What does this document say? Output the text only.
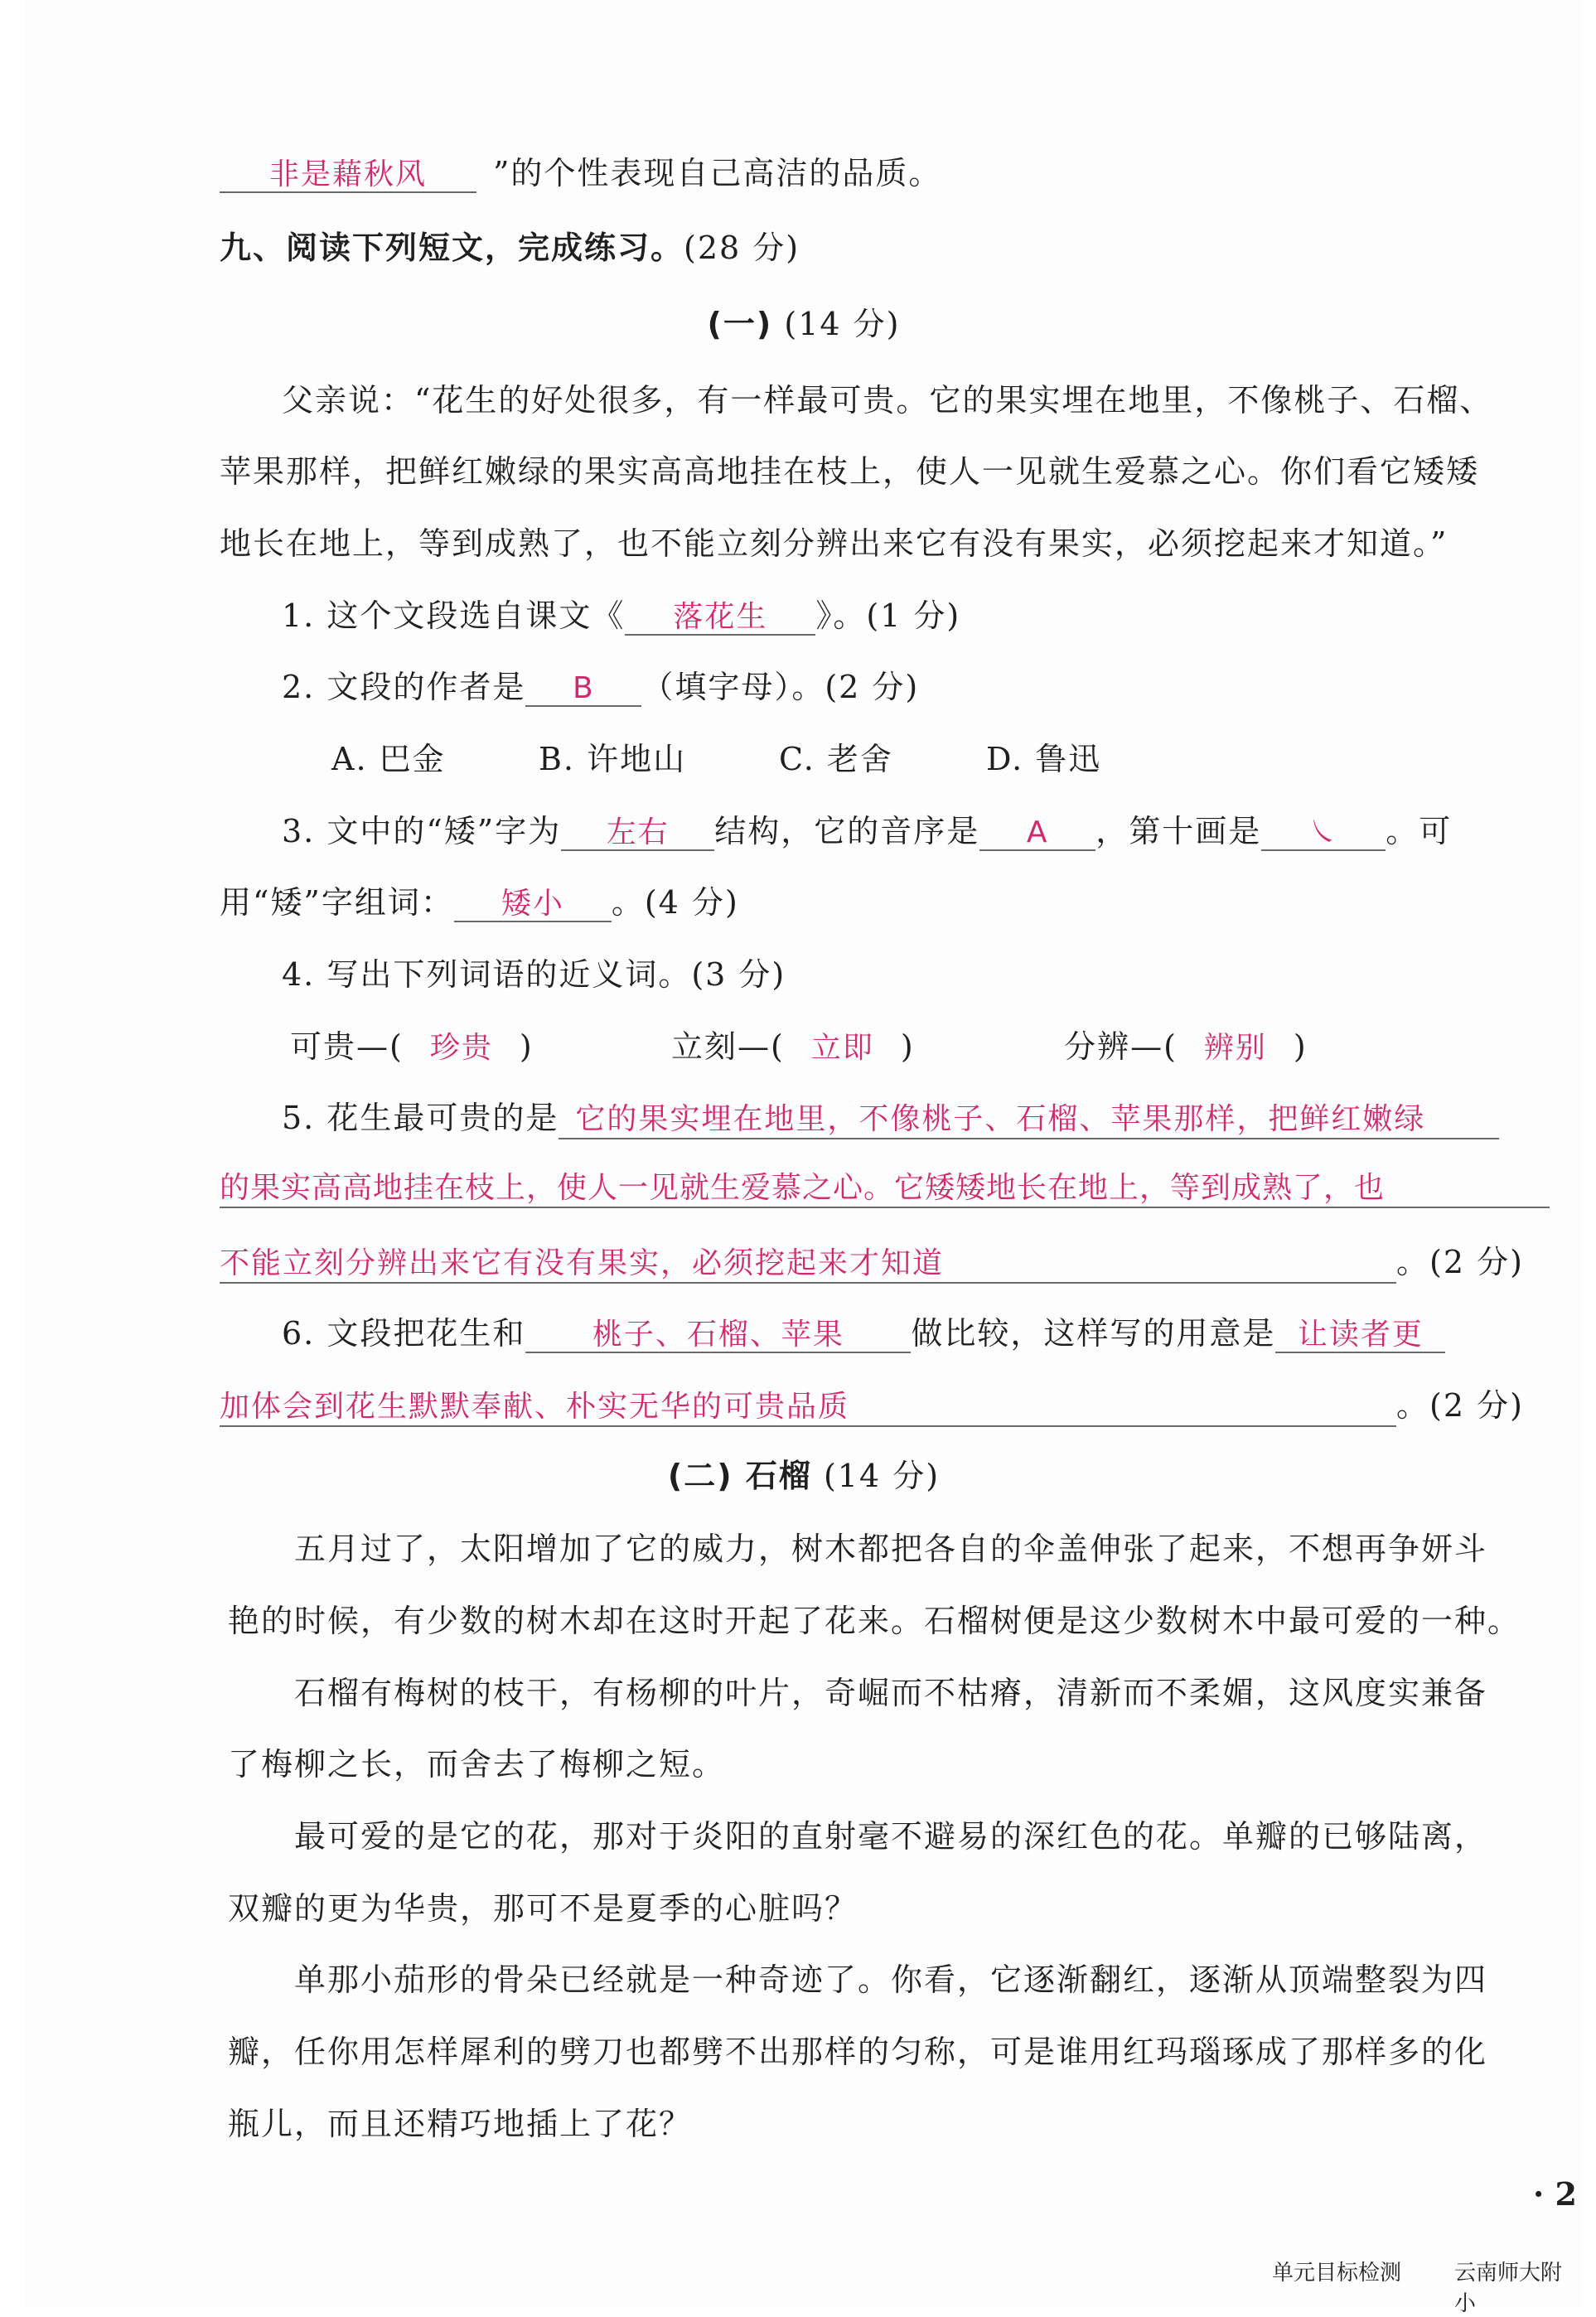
非是藉秋风 ”的个性表现自己高洁的品质。
九、阅读下列短文，完成练习。(28 分)
(一) (14 分)
父亲说：“花生的好处很多，有一样最可贵。它的果实埋在地里，不像桃子、石榴、
苹果那样，把鲜红嫩绿的果实高高地挂在枝上，使人一见就生爱慕之心。你们看它矮矮
地长在地上，等到成熟了，也不能立刻分辨出来它有没有果实，必须挖起来才知道。”
1. 这个文段选自课文《 落花生 》。(1 分)
2. 文段的作者是 B （填字母）。(2 分)
A. 巴金	B. 许地山	C. 老舍	D. 鲁迅
3. 文中的“矮”字为 左右 结构，它的音序是 A ，第十画是 ㇏ 。可
用“矮”字组词： 矮小 。(4 分)
4. 写出下列词语的近义词。(3 分)
可贵—( 珍贵 )	立刻—( 立即 )	分辨—( 辨别 )
5. 花生最可贵的是 它的果实埋在地里，不像桃子、石榴、苹果那样，把鲜红嫩绿
的果实高高地挂在枝上，使人一见就生爱慕之心。它矮矮地长在地上，等到成熟了，也
不能立刻分辨出来它有没有果实，必须挖起来才知道	。(2 分)
6. 文段把花生和 桃子、石榴、苹果 做比较，这样写的用意是 让读者更
加体会到花生默默奉献、朴实无华的可贵品质	。(2 分)
(二) 石榴 (14 分)
五月过了，太阳增加了它的威力，树木都把各自的伞盖伸张了起来，不想再争妍斗
艳的时候，有少数的树木却在这时开起了花来。石榴树便是这少数树木中最可爱的一种。
石榴有梅树的枝干，有杨柳的叶片，奇崛而不枯瘠，清新而不柔媚，这风度实兼备
了梅柳之长，而舍去了梅柳之短。
最可爱的是它的花，那对于炎阳的直射毫不避易的深红色的花。单瓣的已够陆离，
双瓣的更为华贵，那可不是夏季的心脏吗？
单那小茄形的骨朵已经就是一种奇迹了。你看，它逐渐翻红，逐渐从顶端整裂为四
瓣，任你用怎样犀利的劈刀也都劈不出那样的匀称，可是谁用红玛瑙琢成了那样多的化
瓶儿，而且还精巧地插上了花？
· 2
单元目标检测 云南师大附小
